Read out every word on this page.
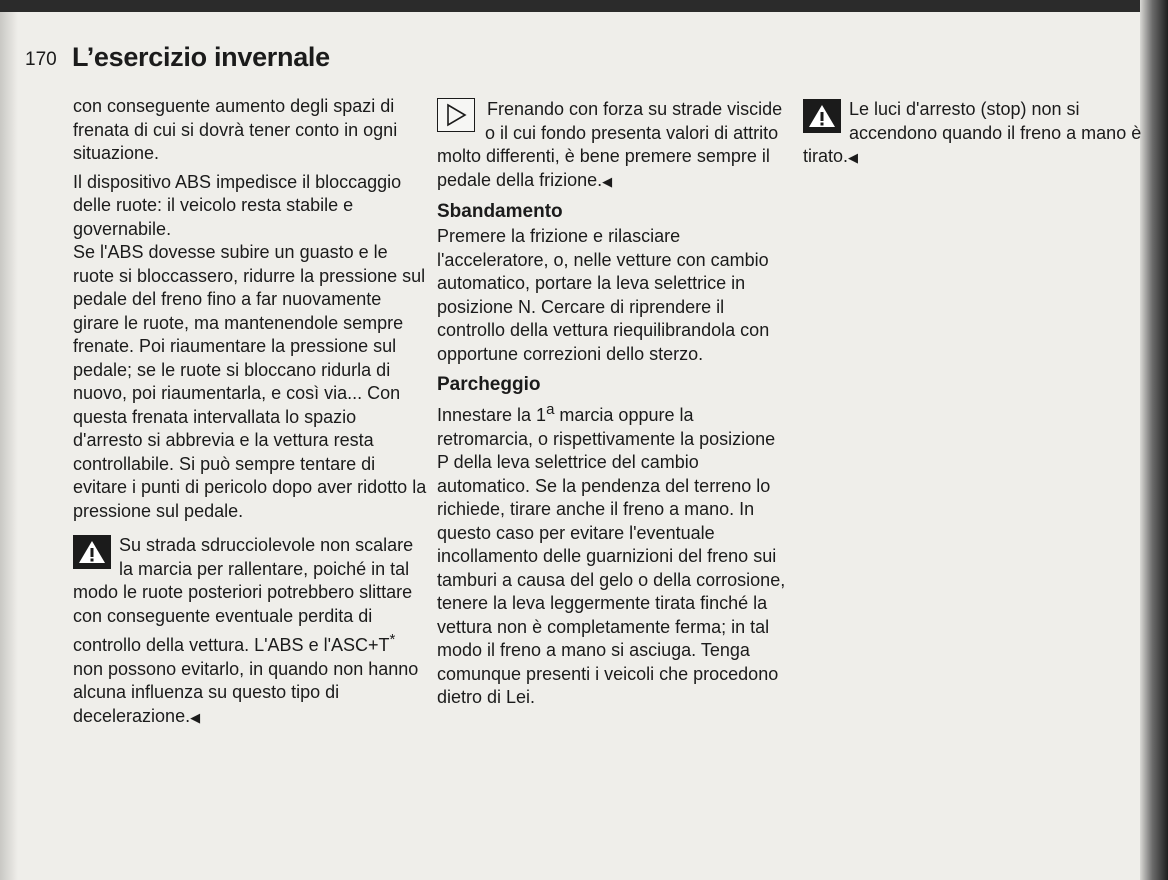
170 L’esercizio invernale

con conseguente aumento degli spazi di frenata di cui si dovrà tener conto in ogni situazione.

Il dispositivo ABS impedisce il bloccaggio delle ruote: il veicolo resta stabile e governabile.

Se l'ABS dovesse subire un guasto e le ruote si bloccassero, ridurre la pressione sul pedale del freno fino a far nuovamente girare le ruote, ma mantenendole sempre frenate. Poi riaumentare la pressione sul pedale; se le ruote si bloccano ridurla di nuovo, poi riaumentarla, e così via... Con questa frenata intervallata lo spazio d'arresto si abbrevia e la vettura resta controllabile. Si può sempre tentare di evitare i punti di pericolo dopo aver ridotto la pressione sul pedale.

Su strada sdrucciolevole non scalare la marcia per rallentare, poiché in tal modo le ruote posteriori potrebbero slittare con conseguente eventuale perdita di controllo della vettura. L'ABS e l'ASC+T* non possono evitarlo, in quando non hanno alcuna influenza su questo tipo di decelerazione.◀
Frenando con forza su strade viscide o il cui fondo presenta valori di attrito molto differenti, è bene premere sempre il pedale della frizione.◀
Sbandamento

Premere la frizione e rilasciare l'acceleratore, o, nelle vetture con cambio automatico, portare la leva selettrice in posizione N. Cercare di riprendere il controllo della vettura riequilibrandola con opportune correzioni dello sterzo.

Parcheggio

Innestare la 1$^a$ marcia oppure la retromarcia, o rispettivamente la posizione P della leva selettrice del cambio automatico. Se la pendenza del terreno lo richiede, tirare anche il freno a mano. In questo caso per evitare l'eventuale incollamento delle guarnizioni del freno sui tamburi a causa del gelo o della corrosione, tenere la leva leggermente tirata finché la vettura non è completamente ferma; in tal modo il freno a mano si asciuga. Tenga comunque presenti i veicoli che procedono dietro di Lei.

Le luci d'arresto (stop) non si accendono quando il freno a mano è tirato.◀
